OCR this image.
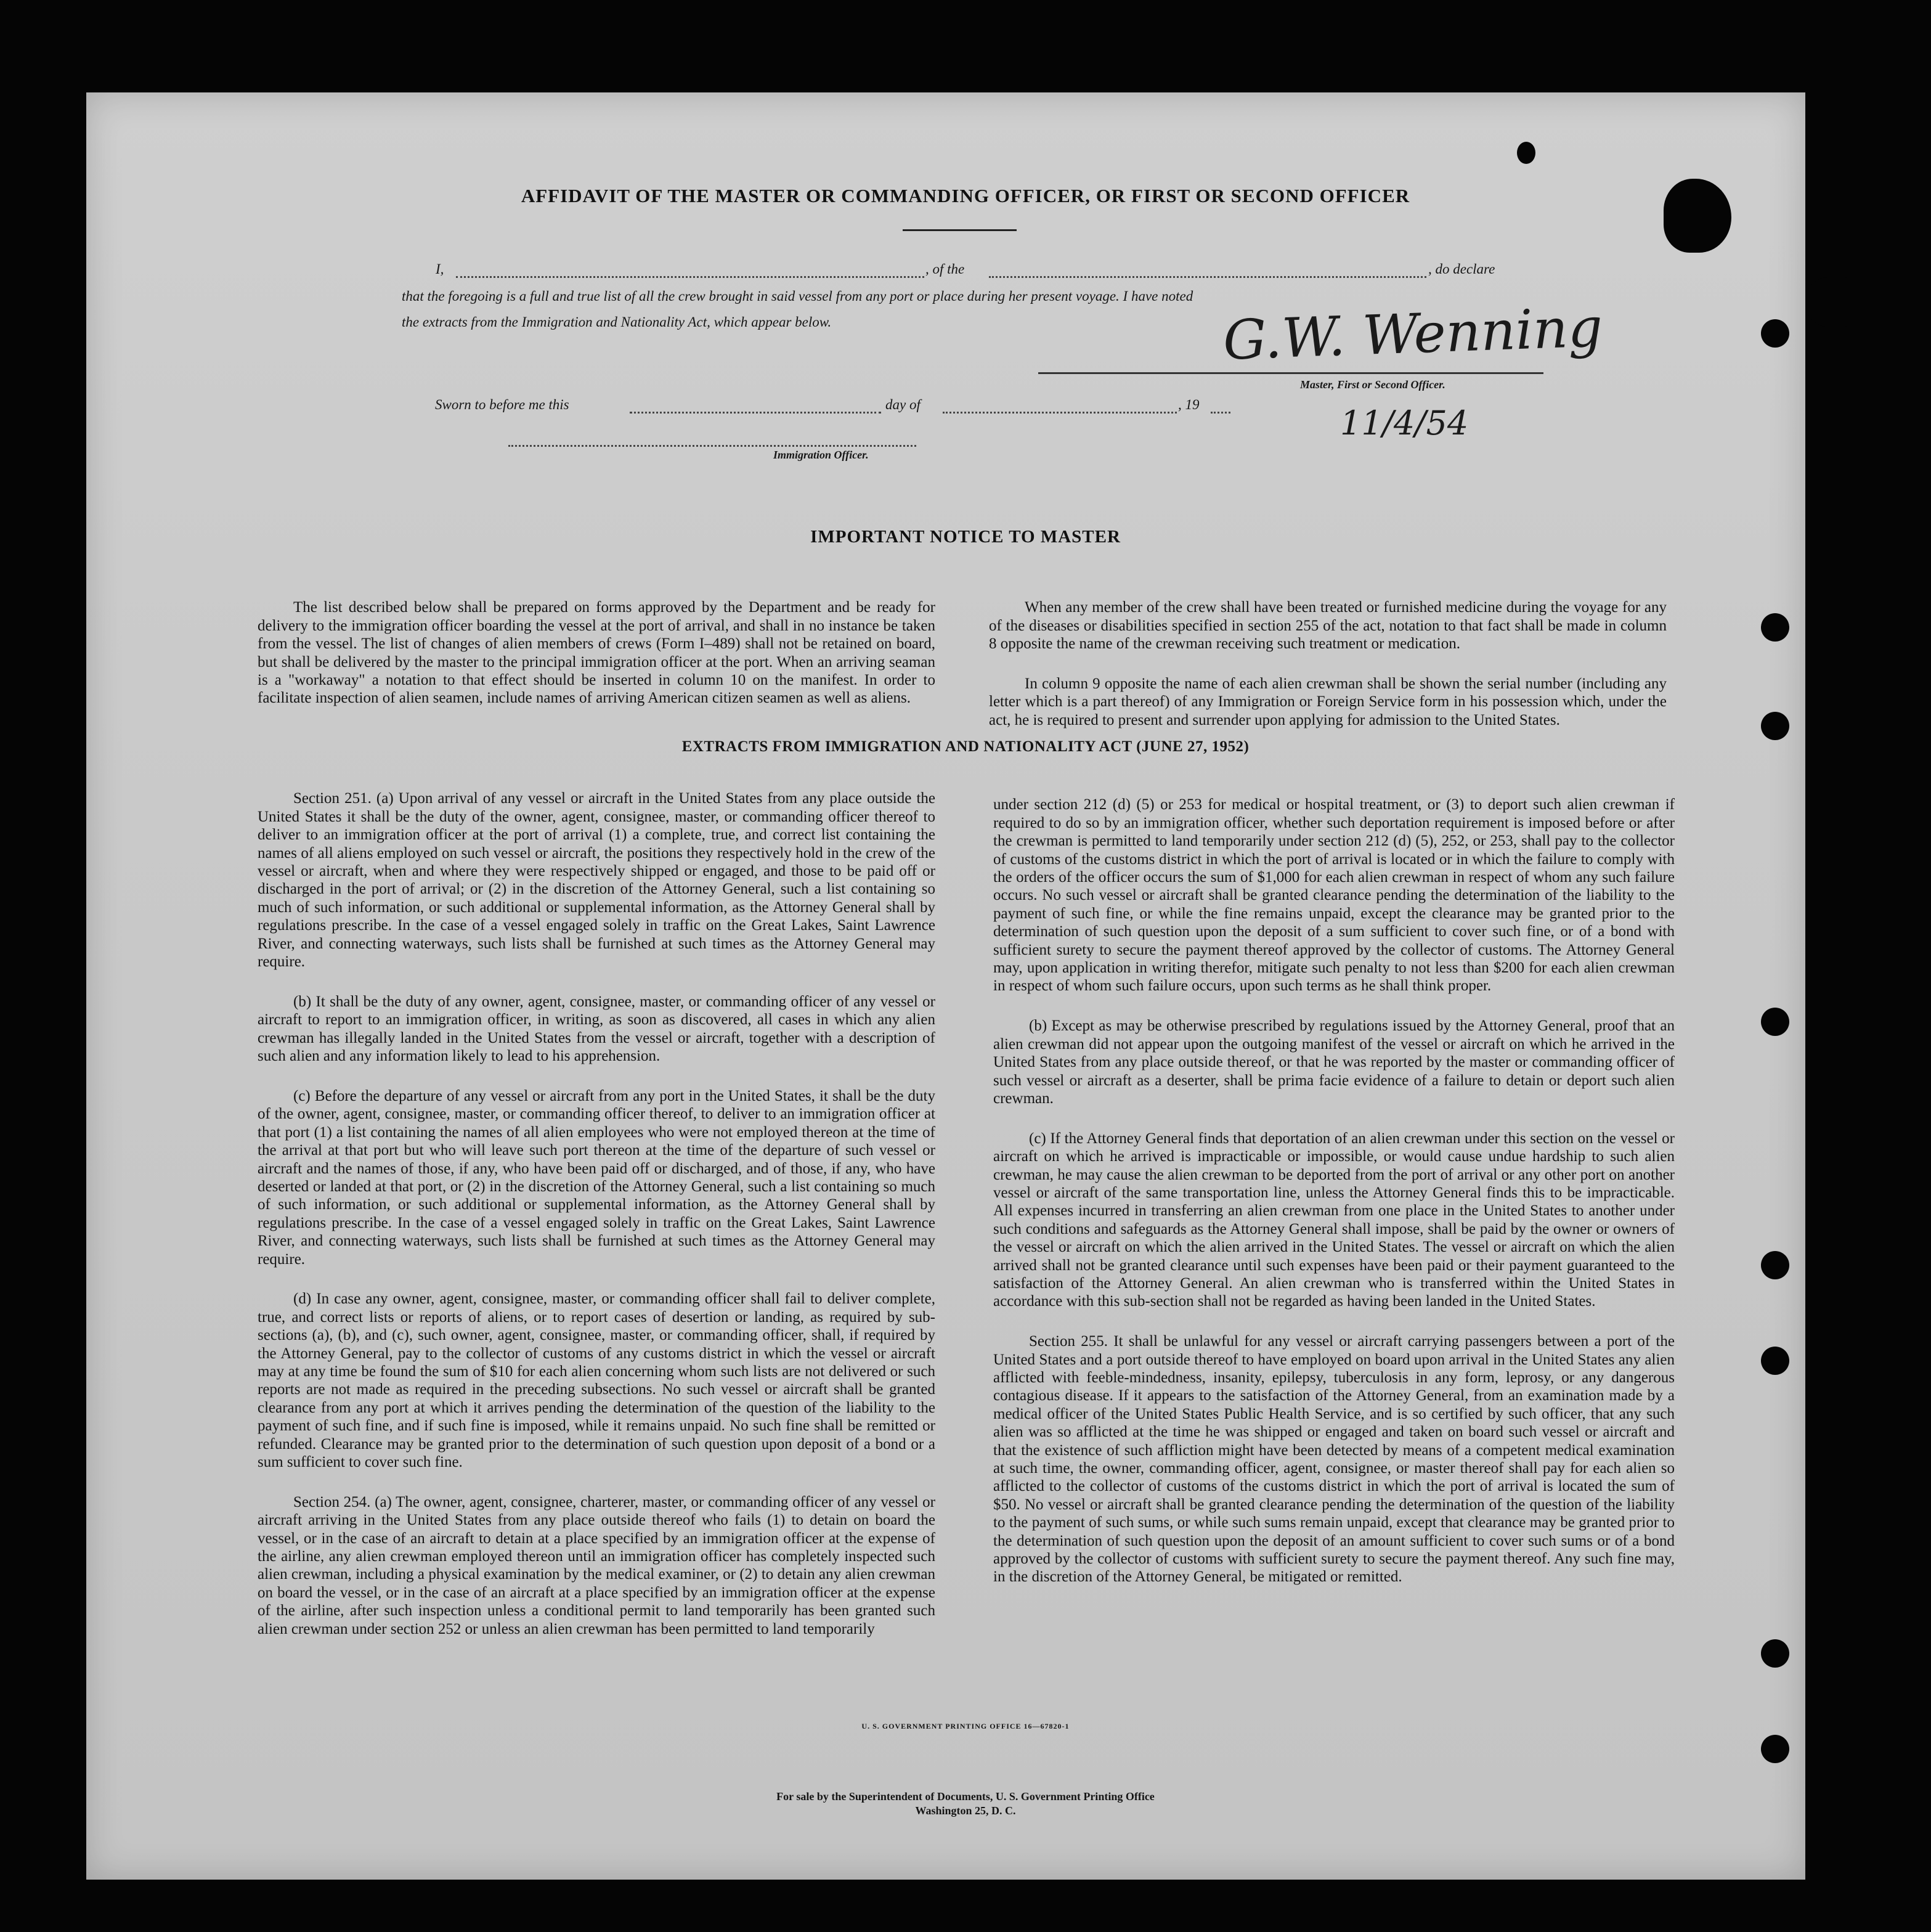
AFFIDAVIT OF THE MASTER OR COMMANDING OFFICER, OR FIRST OR SECOND OFFICER
I,	, of the	, do declare
that the foregoing is a full and true list of all the crew brought in said vessel from any port or place during her present voyage. I have noted
the extracts from the Immigration and Nationality Act, which appear below.	G.W. Wenning
Master, First or Second Officer.
Sworn to before me this	day of	, 19	11/4/54
Immigration Officer.
IMPORTANT NOTICE TO MASTER

The list described below shall be prepared on forms approved by the Department and be ready for delivery to the immigration officer boarding the vessel at the port of arrival, and shall in no instance be taken from the vessel. The list of changes of alien members of crews (Form I–489) shall not be retained on board, but shall be delivered by the master to the principal immigration officer at the port. When an arriving seaman is a "workaway" a notation to that effect should be inserted in column 10 on the manifest. In order to facilitate inspection of alien seamen, include names of arriving American citizen seamen as well as aliens.

When any member of the crew shall have been treated or furnished medicine during the voyage for any of the diseases or disabilities specified in section 255 of the act, notation to that fact shall be made in column 8 opposite the name of the crewman receiving such treatment or medication.

In column 9 opposite the name of each alien crewman shall be shown the serial number (including any letter which is a part thereof) of any Immigration or Foreign Service form in his possession which, under the act, he is required to present and surrender upon applying for admission to the United States.

EXTRACTS FROM IMMIGRATION AND NATIONALITY ACT (JUNE 27, 1952)

Section 251. (a) Upon arrival of any vessel or aircraft in the United States from any place outside the United States it shall be the duty of the owner, agent, consignee, master, or commanding officer thereof to deliver to an immigration officer at the port of arrival (1) a complete, true, and correct list containing the names of all aliens employed on such vessel or aircraft, the positions they respectively hold in the crew of the vessel or aircraft, when and where they were respectively shipped or engaged, and those to be paid off or discharged in the port of arrival; or (2) in the discretion of the Attorney General, such a list containing so much of such information, or such additional or supplemental information, as the Attorney General shall by regulations prescribe. In the case of a vessel engaged solely in traffic on the Great Lakes, Saint Lawrence River, and connecting waterways, such lists shall be furnished at such times as the Attorney General may require.

(b) It shall be the duty of any owner, agent, consignee, master, or commanding officer of any vessel or aircraft to report to an immigration officer, in writing, as soon as discovered, all cases in which any alien crewman has illegally landed in the United States from the vessel or aircraft, together with a description of such alien and any information likely to lead to his apprehension.

(c) Before the departure of any vessel or aircraft from any port in the United States, it shall be the duty of the owner, agent, consignee, master, or commanding officer thereof, to deliver to an immigration officer at that port (1) a list containing the names of all alien employees who were not employed thereon at the time of the arrival at that port but who will leave such port thereon at the time of the departure of such vessel or aircraft and the names of those, if any, who have been paid off or discharged, and of those, if any, who have deserted or landed at that port, or (2) in the discretion of the Attorney General, such a list containing so much of such information, or such additional or supplemental information, as the Attorney General shall by regulations prescribe. In the case of a vessel engaged solely in traffic on the Great Lakes, Saint Lawrence River, and connecting waterways, such lists shall be furnished at such times as the Attorney General may require.

(d) In case any owner, agent, consignee, master, or commanding officer shall fail to deliver complete, true, and correct lists or reports of aliens, or to report cases of desertion or landing, as required by sub-sections (a), (b), and (c), such owner, agent, consignee, master, or commanding officer, shall, if required by the Attorney General, pay to the collector of customs of any customs district in which the vessel or aircraft may at any time be found the sum of $10 for each alien concerning whom such lists are not delivered or such reports are not made as required in the preceding subsections. No such vessel or aircraft shall be granted clearance from any port at which it arrives pending the determination of the question of the liability to the payment of such fine, and if such fine is imposed, while it remains unpaid. No such fine shall be remitted or refunded. Clearance may be granted prior to the determination of such question upon deposit of a bond or a sum sufficient to cover such fine.

Section 254. (a) The owner, agent, consignee, charterer, master, or commanding officer of any vessel or aircraft arriving in the United States from any place outside thereof who fails (1) to detain on board the vessel, or in the case of an aircraft to detain at a place specified by an immigration officer at the expense of the airline, any alien crewman employed thereon until an immigration officer has completely inspected such alien crewman, including a physical examination by the medical examiner, or (2) to detain any alien crewman on board the vessel, or in the case of an aircraft at a place specified by an immigration officer at the expense of the airline, after such inspection unless a conditional permit to land temporarily has been granted such alien crewman under section 252 or unless an alien crewman has been permitted to land temporarily

under section 212 (d) (5) or 253 for medical or hospital treatment, or (3) to deport such alien crewman if required to do so by an immigration officer, whether such deportation requirement is imposed before or after the crewman is permitted to land temporarily under section 212 (d) (5), 252, or 253, shall pay to the collector of customs of the customs district in which the port of arrival is located or in which the failure to comply with the orders of the officer occurs the sum of $1,000 for each alien crewman in respect of whom any such failure occurs. No such vessel or aircraft shall be granted clearance pending the determination of the liability to the payment of such fine, or while the fine remains unpaid, except the clearance may be granted prior to the determination of such question upon the deposit of a sum sufficient to cover such fine, or of a bond with sufficient surety to secure the payment thereof approved by the collector of customs. The Attorney General may, upon application in writing therefor, mitigate such penalty to not less than $200 for each alien crewman in respect of whom such failure occurs, upon such terms as he shall think proper.

(b) Except as may be otherwise prescribed by regulations issued by the Attorney General, proof that an alien crewman did not appear upon the outgoing manifest of the vessel or aircraft on which he arrived in the United States from any place outside thereof, or that he was reported by the master or commanding officer of such vessel or aircraft as a deserter, shall be prima facie evidence of a failure to detain or deport such alien crewman.

(c) If the Attorney General finds that deportation of an alien crewman under this section on the vessel or aircraft on which he arrived is impracticable or impossible, or would cause undue hardship to such alien crewman, he may cause the alien crewman to be deported from the port of arrival or any other port on another vessel or aircraft of the same transportation line, unless the Attorney General finds this to be impracticable. All expenses incurred in transferring an alien crewman from one place in the United States to another under such conditions and safeguards as the Attorney General shall impose, shall be paid by the owner or owners of the vessel or aircraft on which the alien arrived in the United States. The vessel or aircraft on which the alien arrived shall not be granted clearance until such expenses have been paid or their payment guaranteed to the satisfaction of the Attorney General. An alien crewman who is transferred within the United States in accordance with this sub-section shall not be regarded as having been landed in the United States.

Section 255. It shall be unlawful for any vessel or aircraft carrying passengers between a port of the United States and a port outside thereof to have employed on board upon arrival in the United States any alien afflicted with feeble-mindedness, insanity, epilepsy, tuberculosis in any form, leprosy, or any dangerous contagious disease. If it appears to the satisfaction of the Attorney General, from an examination made by a medical officer of the United States Public Health Service, and is so certified by such officer, that any such alien was so afflicted at the time he was shipped or engaged and taken on board such vessel or aircraft and that the existence of such affliction might have been detected by means of a competent medical examination at such time, the owner, commanding officer, agent, consignee, or master thereof shall pay for each alien so afflicted to the collector of customs of the customs district in which the port of arrival is located the sum of $50. No vessel or aircraft shall be granted clearance pending the determination of the question of the liability to the payment of such sums, or while such sums remain unpaid, except that clearance may be granted prior to the determination of such question upon the deposit of an amount sufficient to cover such sums or of a bond approved by the collector of customs with sufficient surety to secure the payment thereof. Any such fine may, in the discretion of the Attorney General, be mitigated or remitted.

U. S. GOVERNMENT PRINTING OFFICE 16—67820-1
For sale by the Superintendent of Documents, U. S. Government Printing Office
Washington 25, D. C.
